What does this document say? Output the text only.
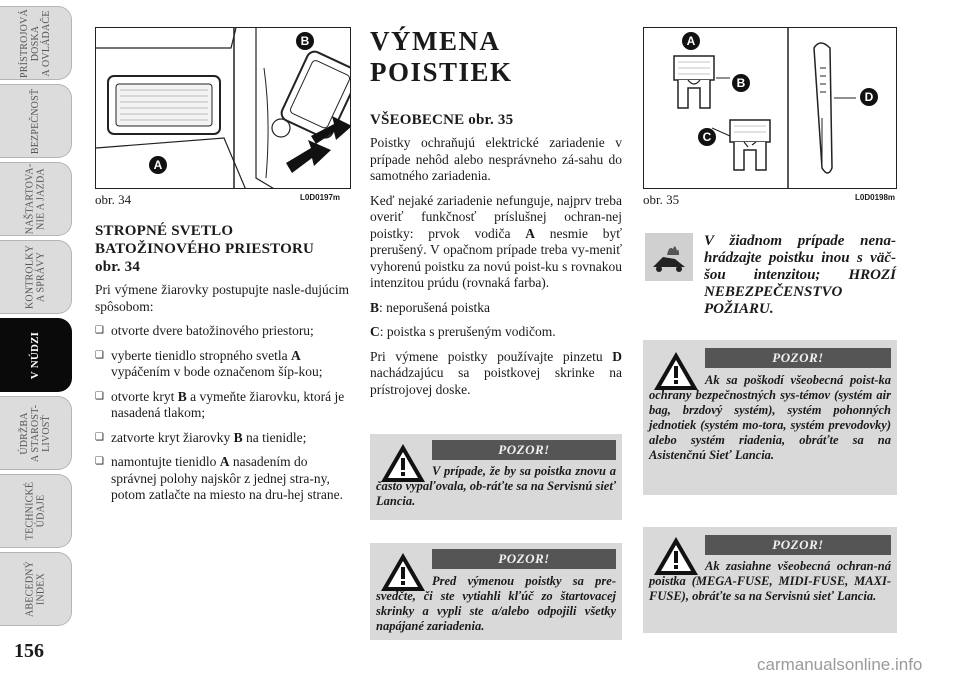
PRÍSTROJOVÁ
DOSKA
A OVLÁDAČE
BEZPEČNOSŤ
NAŠTARTOVA-
NIE A JAZDA
KONTROLKY
A SPRÁVY
V NÚDZI
ÚDRŽBA
A STAROST-
LIVOSŤ
TECHNICKÉ
ÚDAJE
ABECEDNÝ
INDEX
156
B
A
obr. 34	L0D0197m
A
B
C
D
obr. 35	L0D0198m
STROPNÉ SVETLO
BATOŽINOVÉHO PRIESTORU
obr. 34

Pri výmene žiarovky postupujte nasle-dujúcim spôsobom:

❑ otvorte dvere batožinového priestoru;
❑ vyberte tienidlo stropného svetla A vypáčením v bode označenom šíp-kou;
❑ otvorte kryt B a vymeňte žiarovku, ktorá je nasadená tlakom;
❑ zatvorte kryt žiarovky B na tienidle;
❑ namontujte tienidlo A nasadením do správnej polohy najskôr z jednej stra-ny, potom zatlačte na miesto na dru-hej strane.
VÝMENA
POISTIEK
VŠEOBECNE obr. 35

Poistky ochraňujú elektrické zariadenie v prípade nehôd alebo nesprávneho zá-sahu do samotného zariadenia.

Keď nejaké zariadenie nefunguje, najprv treba overiť funkčnosť príslušnej ochran-nej poistky: prvok vodiča A nesmie byť prerušený. V opačnom prípade treba vy-meniť vyhorenú poistku za novú poist-ku s rovnakou intenzitou prúdu (rovnaká farba).

B: neporušená poistka

C: poistka s prerušeným vodičom.

Pri výmene poistky používajte pinzetu D nachádzajúcu sa poistkovej skrinke na prístrojovej doske.

POZOR!
V prípade, že by sa poistka znovu a často vypaľovala, ob-ráťte sa na Servisnú sieť Lancia.
POZOR!
Pred výmenou poistky sa pre-svedčte, či ste vytiahli kľúč zo štartovacej skrinky a vypli ste a/alebo odpojili všetky napájané zariadenia.
V žiadnom prípade nena-hrádzajte poistku inou s väč-šou intenzitou; HROZÍ NEBEZPEČENSTVO POŽIARU.
POZOR!
Ak sa poškodí všeobecná poist-ka ochrany bezpečnostných sys-témov (systém air bag, brzdový systém), systém pohonných jednotiek (systém mo-tora, systém prevodovky) alebo systém riadenia, obráťte sa na Asistenčnú Sieť Lancia.
POZOR!
Ak zasiahne všeobecná ochran-ná poistka (MEGA-FUSE, MIDI-FUSE, MAXI-FUSE), obráťte sa na Servisnú sieť Lancia.
carmanualsonline.info
